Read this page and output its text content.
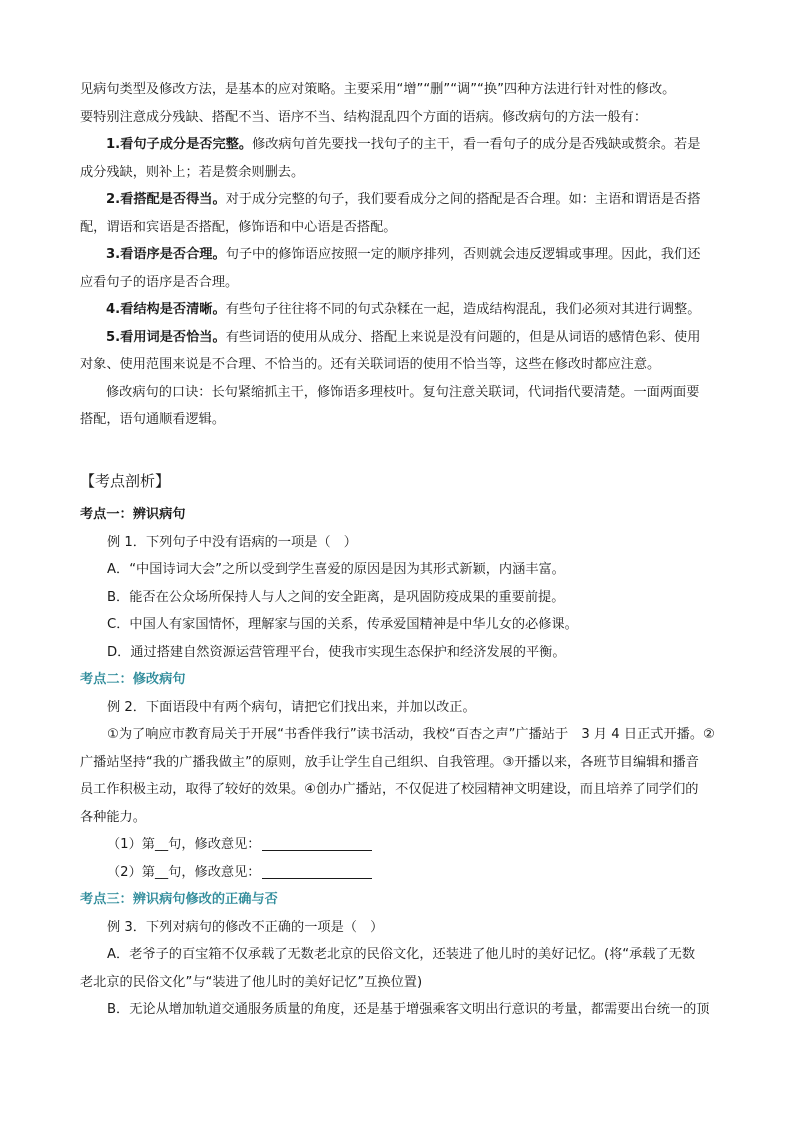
见病句类型及修改方法，是基本的应对策略。主要采用“增”“删”“调”“换”四种方法进行针对性的修改。
要特别注意成分残缺、搭配不当、语序不当、结构混乱四个方面的语病。修改病句的方法一般有：
1.看句子成分是否完整。修改病句首先要找一找句子的主干，看一看句子的成分是否残缺或赘余。若是
成分残缺，则补上；若是赘余则删去。
2.看搭配是否得当。对于成分完整的句子，我们要看成分之间的搭配是否合理。如：主语和谓语是否搭
配，谓语和宾语是否搭配，修饰语和中心语是否搭配。
3.看语序是否合理。句子中的修饰语应按照一定的顺序排列，否则就会违反逻辑或事理。因此，我们还
应看句子的语序是否合理。
4.看结构是否清晰。有些句子往往将不同的句式杂糅在一起，造成结构混乱，我们必须对其进行调整。
5.看用词是否恰当。有些词语的使用从成分、搭配上来说是没有问题的，但是从词语的感情色彩、使用
对象、使用范围来说是不合理、不恰当的。还有关联词语的使用不恰当等，这些在修改时都应注意。
修改病句的口诀：长句紧缩抓主干，修饰语多理枝叶。复句注意关联词，代词指代要清楚。一面两面要
搭配，语句通顺看逻辑。
【考点剖析】
考点一：辨识病句
例 1．下列句子中没有语病的一项是（　）
A．“中国诗词大会”之所以受到学生喜爱的原因是因为其形式新颖，内涵丰富。
B．能否在公众场所保持人与人之间的安全距离，是巩固防疫成果的重要前提。
C．中国人有家国情怀，理解家与国的关系，传承爱国精神是中华儿女的必修课。
D．通过搭建自然资源运营管理平台，使我市实现生态保护和经济发展的平衡。
考点二：修改病句
例 2．下面语段中有两个病句，请把它们找出来，并加以改正。
①为了响应市教育局关于开展“书香伴我行”读书活动，我校“百杏之声”广播站于　3 月 4 日正式开播。②
广播站坚持“我的广播我做主”的原则，放手让学生自己组织、自我管理。③开播以来，各班节目编辑和播音
员工作积极主动，取得了较好的效果。④创办广播站，不仅促进了校园精神文明建设，而且培养了同学们的
各种能力。
（1）第__句，修改意见：
（2）第__句，修改意见：
考点三：辨识病句修改的正确与否
例 3．下列对病句的修改不正确的一项是（　）
A．老爷子的百宝箱不仅承载了无数老北京的民俗文化，还装进了他儿时的美好记忆。(将“承载了无数
老北京的民俗文化”与“装进了他儿时的美好记忆”互换位置)
B．无论从增加轨道交通服务质量的角度，还是基于增强乘客文明出行意识的考量，都需要出台统一的顶
